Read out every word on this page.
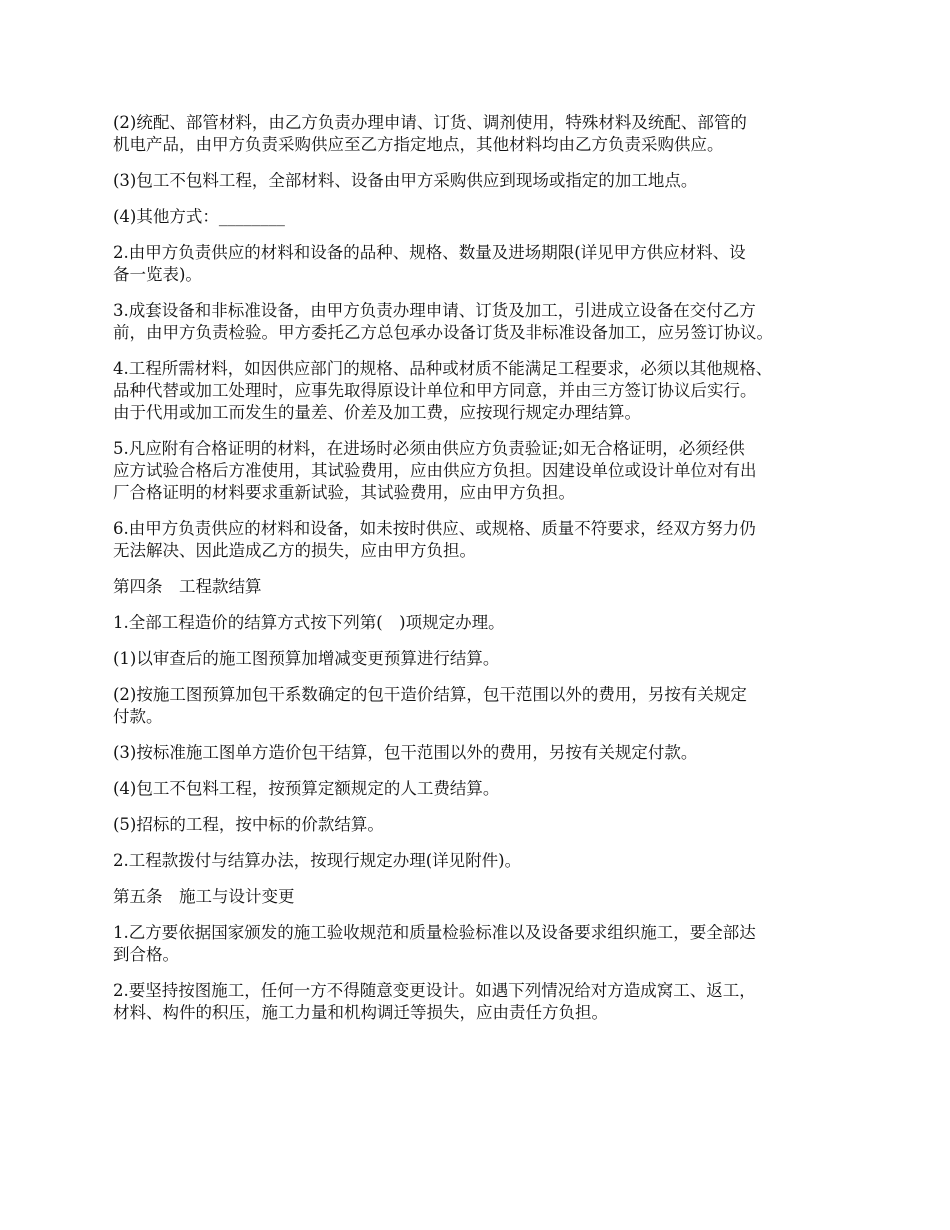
(2)统配、部管材料，由乙方负责办理申请、订货、调剂使用，特殊材料及统配、部管的
机电产品，由甲方负责采购供应至乙方指定地点，其他材料均由乙方负责采购供应。

(3)包工不包料工程，全部材料、设备由甲方采购供应到现场或指定的加工地点。

(4)其他方式：________

2.由甲方负责供应的材料和设备的品种、规格、数量及进场期限(详见甲方供应材料、设
备一览表)。

3.成套设备和非标准设备，由甲方负责办理申请、订货及加工，引进成立设备在交付乙方
前，由甲方负责检验。甲方委托乙方总包承办设备订货及非标准设备加工，应另签订协议。

4.工程所需材料，如因供应部门的规格、品种或材质不能满足工程要求，必须以其他规格、
品种代替或加工处理时，应事先取得原设计单位和甲方同意，并由三方签订协议后实行。
由于代用或加工而发生的量差、价差及加工费，应按现行规定办理结算。

5.凡应附有合格证明的材料，在进场时必须由供应方负责验证;如无合格证明，必须经供
应方试验合格后方准使用，其试验费用，应由供应方负担。因建设单位或设计单位对有出
厂合格证明的材料要求重新试验，其试验费用，应由甲方负担。

6.由甲方负责供应的材料和设备，如未按时供应、或规格、质量不符要求，经双方努力仍
无法解决、因此造成乙方的损失，应由甲方负担。

第四条　工程款结算

1.全部工程造价的结算方式按下列第(　)项规定办理。

(1)以审查后的施工图预算加增减变更预算进行结算。

(2)按施工图预算加包干系数确定的包干造价结算，包干范围以外的费用，另按有关规定
付款。

(3)按标准施工图单方造价包干结算，包干范围以外的费用，另按有关规定付款。

(4)包工不包料工程，按预算定额规定的人工费结算。

(5)招标的工程，按中标的价款结算。

2.工程款拨付与结算办法，按现行规定办理(详见附件)。

第五条　施工与设计变更

1.乙方要依据国家颁发的施工验收规范和质量检验标准以及设备要求组织施工，要全部达
到合格。

2.要坚持按图施工，任何一方不得随意变更设计。如遇下列情况给对方造成窝工、返工，
材料、构件的积压，施工力量和机构调迁等损失，应由责任方负担。
